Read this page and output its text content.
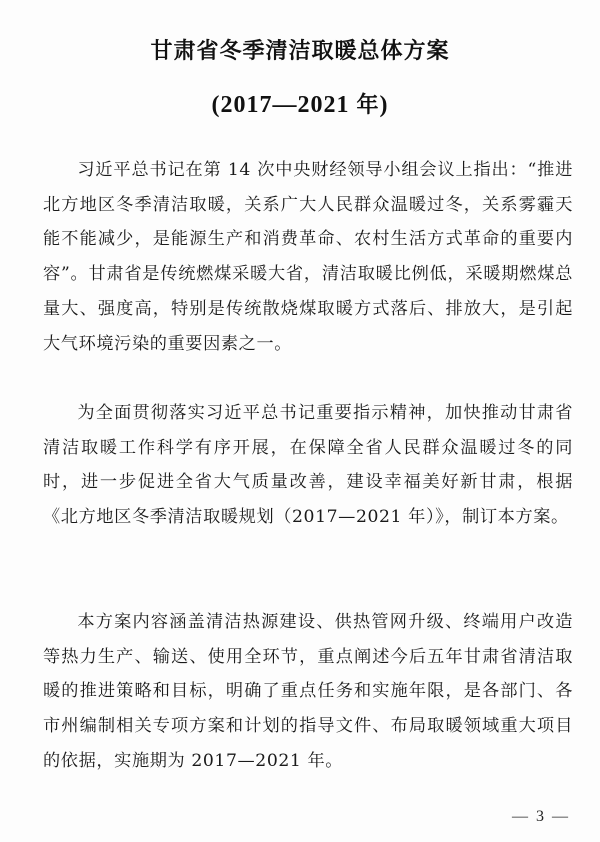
甘肃省冬季清洁取暖总体方案
(2017—2021 年)

习近平总书记在第 14 次中央财经领导小组会议上指出：“推进北方地区冬季清洁取暖，关系广大人民群众温暖过冬，关系雾霾天能不能减少，是能源生产和消费革命、农村生活方式革命的重要内容”。甘肃省是传统燃煤采暖大省，清洁取暖比例低，采暖期燃煤总量大、强度高，特别是传统散烧煤取暖方式落后、排放大，是引起大气环境污染的重要因素之一。

为全面贯彻落实习近平总书记重要指示精神，加快推动甘肃省清洁取暖工作科学有序开展，在保障全省人民群众温暖过冬的同时，进一步促进全省大气质量改善，建设幸福美好新甘肃，根据《北方地区冬季清洁取暖规划（2017—2021 年）》，制订本方案。

本方案内容涵盖清洁热源建设、供热管网升级、终端用户改造等热力生产、输送、使用全环节，重点阐述今后五年甘肃省清洁取暖的推进策略和目标，明确了重点任务和实施年限，是各部门、各市州编制相关专项方案和计划的指导文件、布局取暖领域重大项目的依据，实施期为 2017—2021 年。

— 3 —
